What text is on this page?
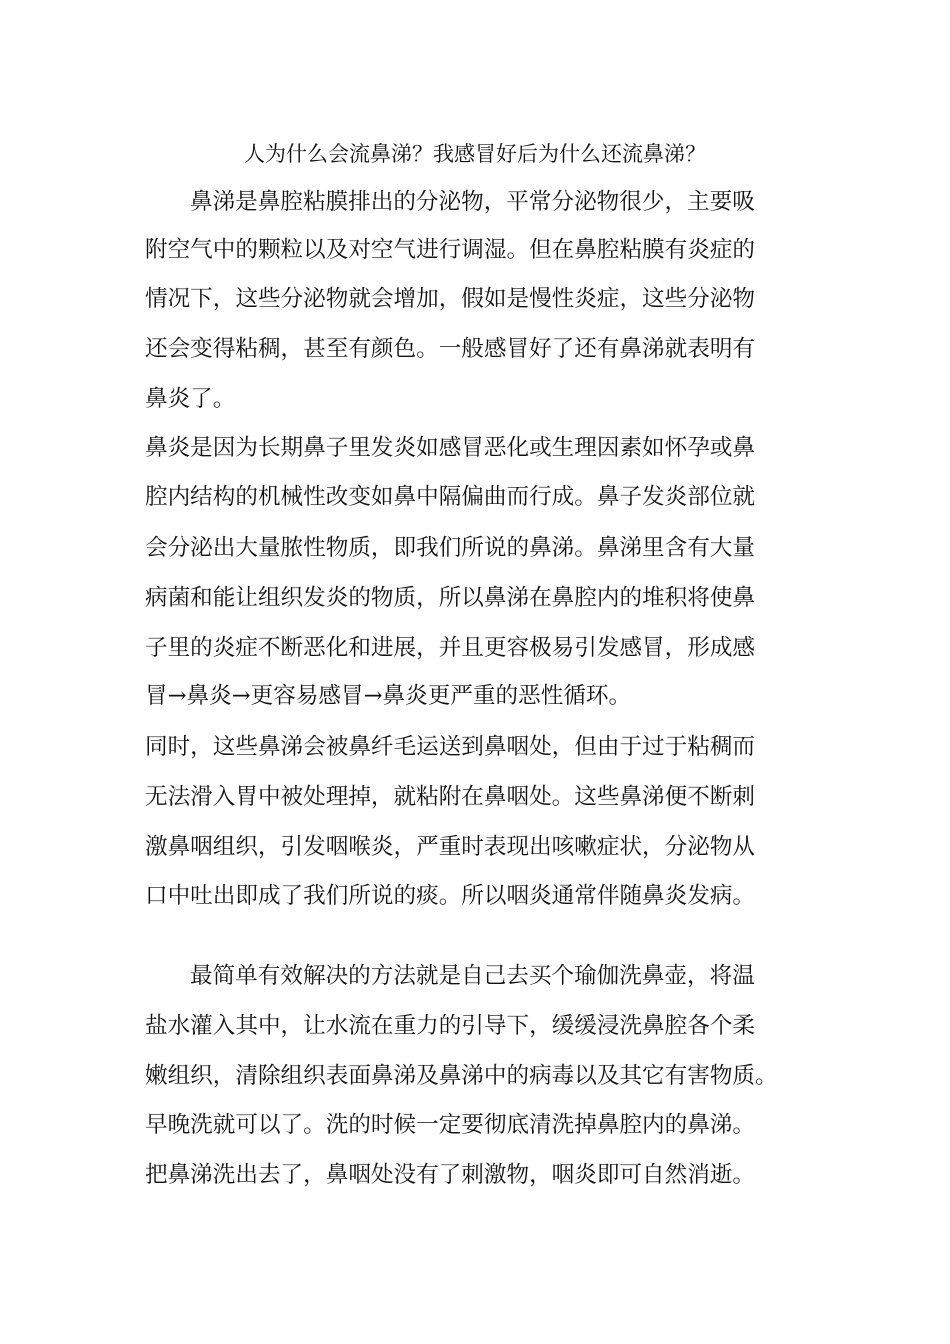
人为什么会流鼻涕？我感冒好后为什么还流鼻涕？
鼻涕是鼻腔粘膜排出的分泌物，平常分泌物很少，主要吸
附空气中的颗粒以及对空气进行调湿。但在鼻腔粘膜有炎症的
情况下，这些分泌物就会增加，假如是慢性炎症，这些分泌物
还会变得粘稠，甚至有颜色。一般感冒好了还有鼻涕就表明有
鼻炎了。
鼻炎是因为长期鼻子里发炎如感冒恶化或生理因素如怀孕或鼻
腔内结构的机械性改变如鼻中隔偏曲而行成。鼻子发炎部位就
会分泌出大量脓性物质，即我们所说的鼻涕。鼻涕里含有大量
病菌和能让组织发炎的物质，所以鼻涕在鼻腔内的堆积将使鼻
子里的炎症不断恶化和进展，并且更容极易引发感冒，形成感
冒→鼻炎→更容易感冒→鼻炎更严重的恶性循环。
同时，这些鼻涕会被鼻纤毛运送到鼻咽处，但由于过于粘稠而
无法滑入胃中被处理掉，就粘附在鼻咽处。这些鼻涕便不断刺
激鼻咽组织，引发咽喉炎，严重时表现出咳嗽症状，分泌物从
口中吐出即成了我们所说的痰。所以咽炎通常伴随鼻炎发病。
最简单有效解决的方法就是自己去买个瑜伽洗鼻壶，将温
盐水灌入其中，让水流在重力的引导下，缓缓浸洗鼻腔各个柔
嫩组织，清除组织表面鼻涕及鼻涕中的病毒以及其它有害物质。
早晚洗就可以了。洗的时候一定要彻底清洗掉鼻腔内的鼻涕。
把鼻涕洗出去了，鼻咽处没有了刺激物，咽炎即可自然消逝。
